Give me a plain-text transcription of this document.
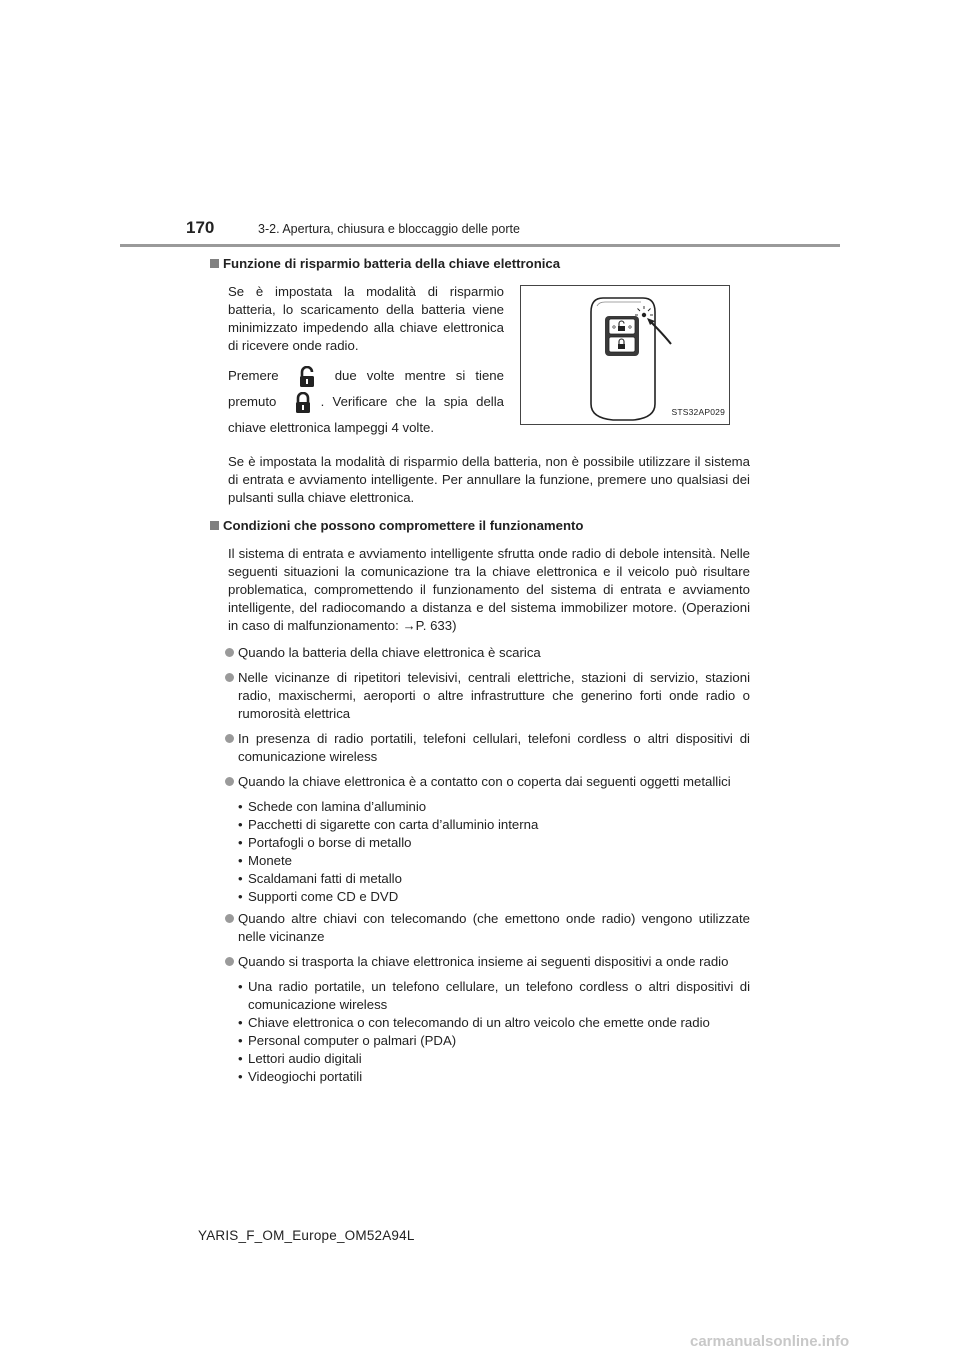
170	3-2. Apertura, chiusura e bloccaggio delle porte
Funzione di risparmio batteria della chiave elettronica

Se è impostata la modalità di risparmio batteria, lo scaricamento della batteria viene minimizzato impedendo alla chiave elettronica di ricevere onde radio.

Premere	due volte mentre si tiene premuto	. Verificare che la spia della chiave elettronica lampeggi 4 volte.

STS32AP029

Se è impostata la modalità di risparmio della batteria, non è possibile utilizzare il sistema di entrata e avviamento intelligente. Per annullare la funzione, premere uno qualsiasi dei pulsanti sulla chiave elettronica.

Condizioni che possono compromettere il funzionamento

Il sistema di entrata e avviamento intelligente sfrutta onde radio di debole intensità. Nelle seguenti situazioni la comunicazione tra la chiave elettronica e il veicolo può risultare problematica, compromettendo il funzionamento del sistema di entrata e avviamento intelligente, del radiocomando a distanza e del sistema immobilizer motore. (Operazioni in caso di malfunzionamento: →P. 633)

Quando la batteria della chiave elettronica è scarica
Nelle vicinanze di ripetitori televisivi, centrali elettriche, stazioni di servizio, stazioni radio, maxischermi, aeroporti o altre infrastrutture che generino forti onde radio o rumorosità elettrica
In presenza di radio portatili, telefoni cellulari, telefoni cordless o altri dispositivi di comunicazione wireless
Quando la chiave elettronica è a contatto con o coperta dai seguenti oggetti metallici
• Schede con lamina d’alluminio
• Pacchetti di sigarette con carta d’alluminio interna
• Portafogli o borse di metallo
• Monete
• Scaldamani fatti di metallo
• Supporti come CD e DVD
Quando altre chiavi con telecomando (che emettono onde radio) vengono utilizzate nelle vicinanze
Quando si trasporta la chiave elettronica insieme ai seguenti dispositivi a onde radio
• Una radio portatile, un telefono cellulare, un telefono cordless o altri dispositivi di comunicazione wireless
• Chiave elettronica o con telecomando di un altro veicolo che emette onde radio
• Personal computer o palmari (PDA)
• Lettori audio digitali
• Videogiochi portatili
YARIS_F_OM_Europe_OM52A94L
carmanualsonline.info
